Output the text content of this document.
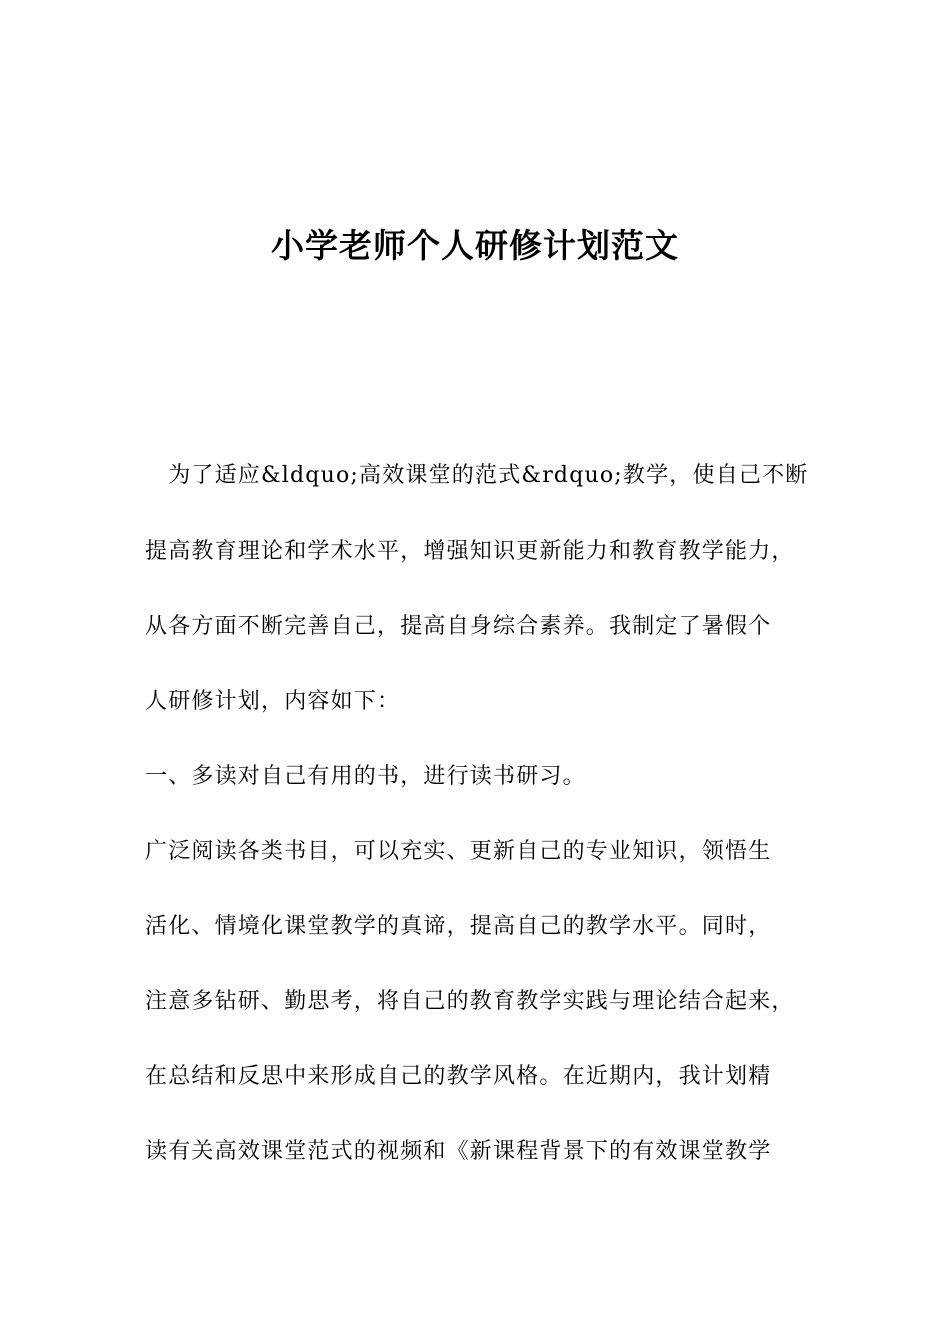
小学老师个人研修计划范文
　为了适应&ldquo;高效课堂的范式&rdquo;教学，使自己不断
提高教育理论和学术水平，增强知识更新能力和教育教学能力，
从各方面不断完善自己，提高自身综合素养。我制定了暑假个
人研修计划，内容如下：
一、多读对自己有用的书，进行读书研习。
广泛阅读各类书目，可以充实、更新自己的专业知识，领悟生
活化、情境化课堂教学的真谛，提高自己的教学水平。同时，
注意多钻研、勤思考，将自己的教育教学实践与理论结合起来，
在总结和反思中来形成自己的教学风格。在近期内，我计划精
读有关高效课堂范式的视频和《新课程背景下的有效课堂教学
